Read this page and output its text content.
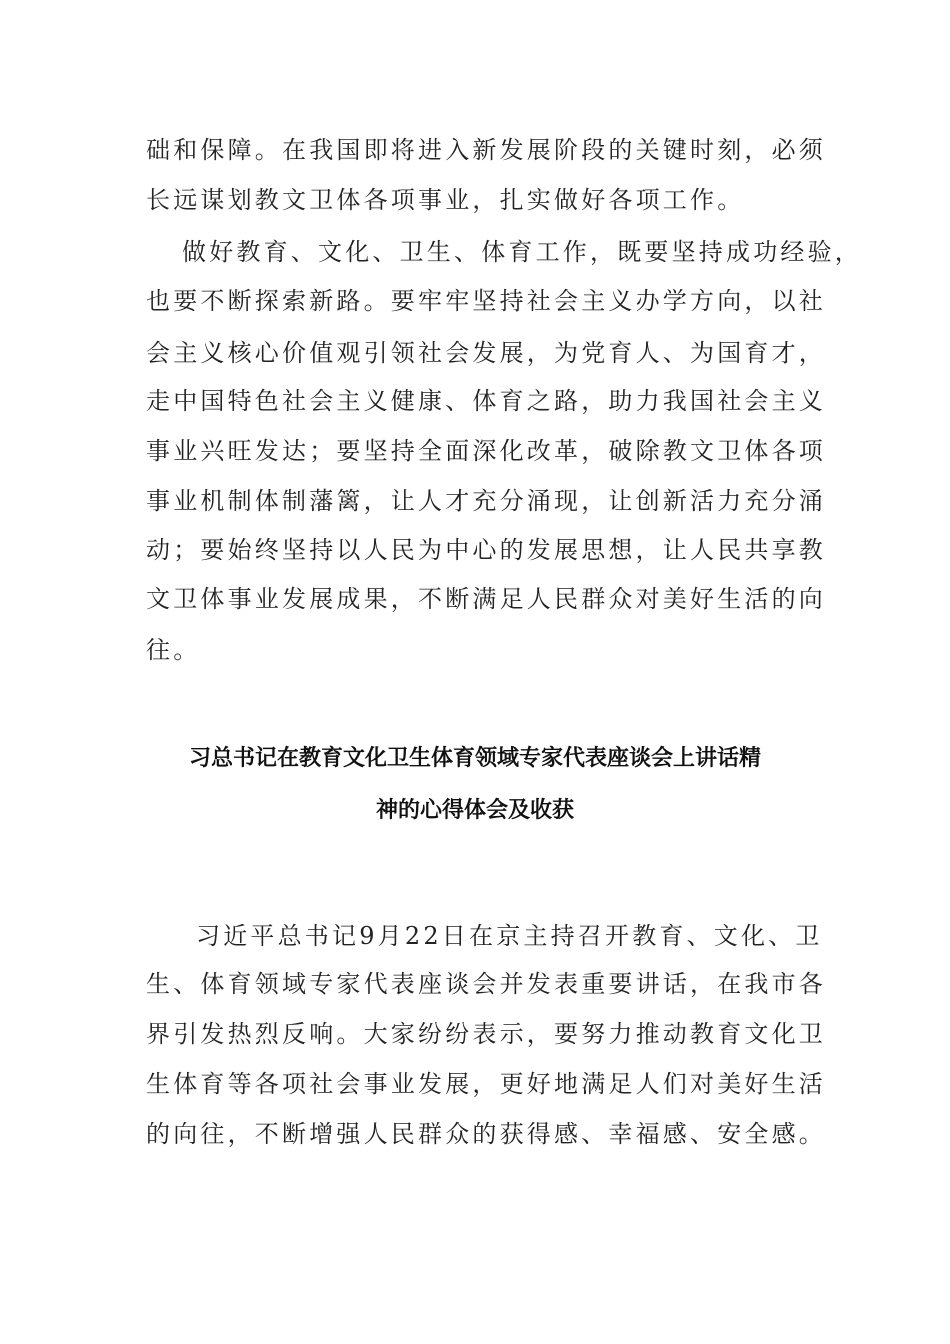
础和保障。在我国即将进入新发展阶段的关键时刻，必须
长远谋划教文卫体各项事业，扎实做好各项工作。
做好教育、文化、卫生、体育工作，既要坚持成功经验，
也要不断探索新路。要牢牢坚持社会主义办学方向，以社
会主义核心价值观引领社会发展，为党育人、为国育才，
走中国特色社会主义健康、体育之路，助力我国社会主义
事业兴旺发达；要坚持全面深化改革，破除教文卫体各项
事业机制体制藩篱，让人才充分涌现，让创新活力充分涌
动；要始终坚持以人民为中心的发展思想，让人民共享教
文卫体事业发展成果，不断满足人民群众对美好生活的向
往。
习总书记在教育文化卫生体育领域专家代表座谈会上讲话精
神的心得体会及收获
习近平总书记9月22日在京主持召开教育、文化、卫
生、体育领域专家代表座谈会并发表重要讲话，在我市各
界引发热烈反响。大家纷纷表示，要努力推动教育文化卫
生体育等各项社会事业发展，更好地满足人们对美好生活
的向往，不断增强人民群众的获得感、幸福感、安全感。
